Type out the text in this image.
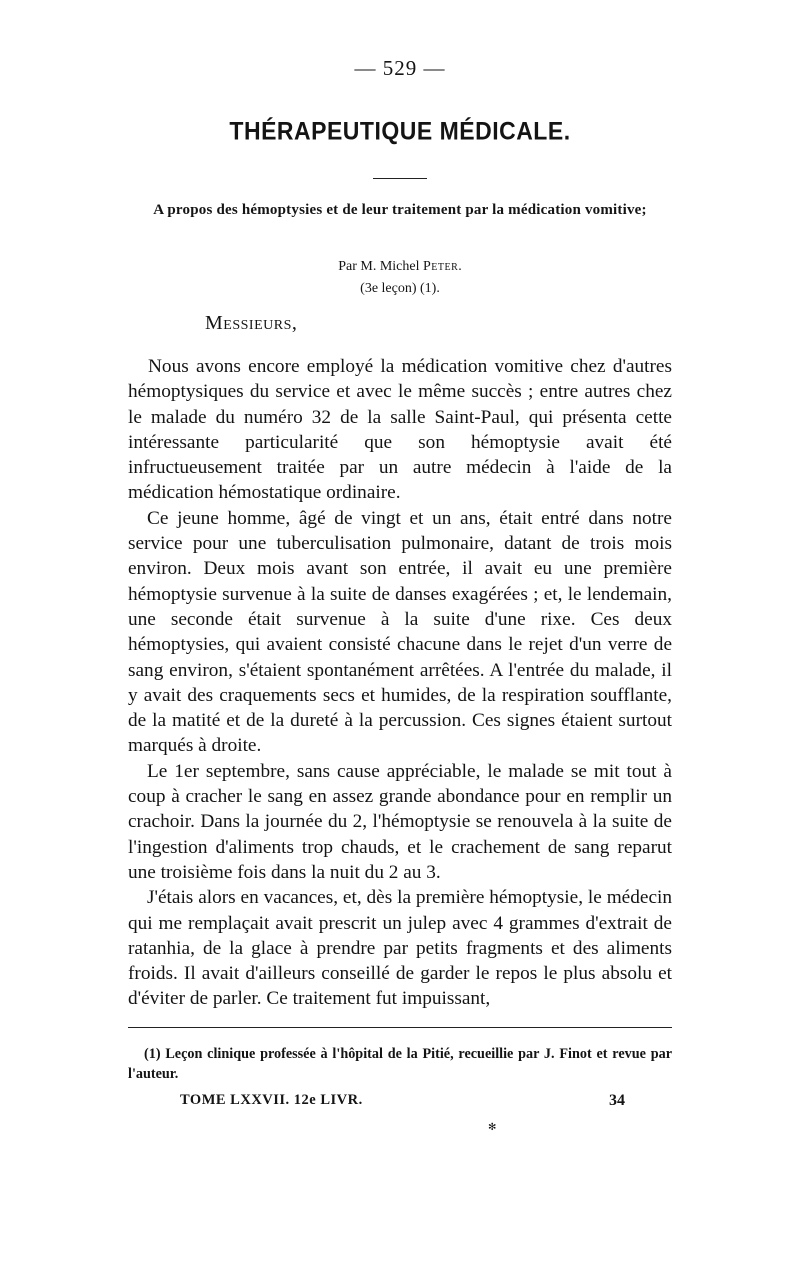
— 529 —
THÉRAPEUTIQUE MÉDICALE.
A propos des hémoptysies et de leur traitement par la médication vomitive;
Par M. Michel Peter.
(3e leçon) (1).
Messieurs,

Nous avons encore employé la médication vomitive chez d'autres hémoptysiques du service et avec le même succès ; entre autres chez le malade du numéro 32 de la salle Saint-Paul, qui présenta cette intéressante particularité que son hémoptysie avait été infructueusement traitée par un autre médecin à l'aide de la médication hémostatique ordinaire.

Ce jeune homme, âgé de vingt et un ans, était entré dans notre service pour une tuberculisation pulmonaire, datant de trois mois environ. Deux mois avant son entrée, il avait eu une première hémoptysie survenue à la suite de danses exagérées ; et, le lendemain, une seconde était survenue à la suite d'une rixe. Ces deux hémoptysies, qui avaient consisté chacune dans le rejet d'un verre de sang environ, s'étaient spontanément arrêtées. A l'entrée du malade, il y avait des craquements secs et humides, de la respiration soufflante, de la matité et de la dureté à la percussion. Ces signes étaient surtout marqués à droite.

Le 1er septembre, sans cause appréciable, le malade se mit tout à coup à cracher le sang en assez grande abondance pour en remplir un crachoir. Dans la journée du 2, l'hémoptysie se renouvela à la suite de l'ingestion d'aliments trop chauds, et le crachement de sang reparut une troisième fois dans la nuit du 2 au 3.

J'étais alors en vacances, et, dès la première hémoptysie, le médecin qui me remplaçait avait prescrit un julep avec 4 grammes d'extrait de ratanhia, de la glace à prendre par petits fragments et des aliments froids. Il avait d'ailleurs conseillé de garder le repos le plus absolu et d'éviter de parler. Ce traitement fut impuissant,

(1) Leçon clinique professée à l'hôpital de la Pitié, recueillie par J. Finot et revue par l'auteur.

TOME LXXVII. 12e LIVR.	34
✻
